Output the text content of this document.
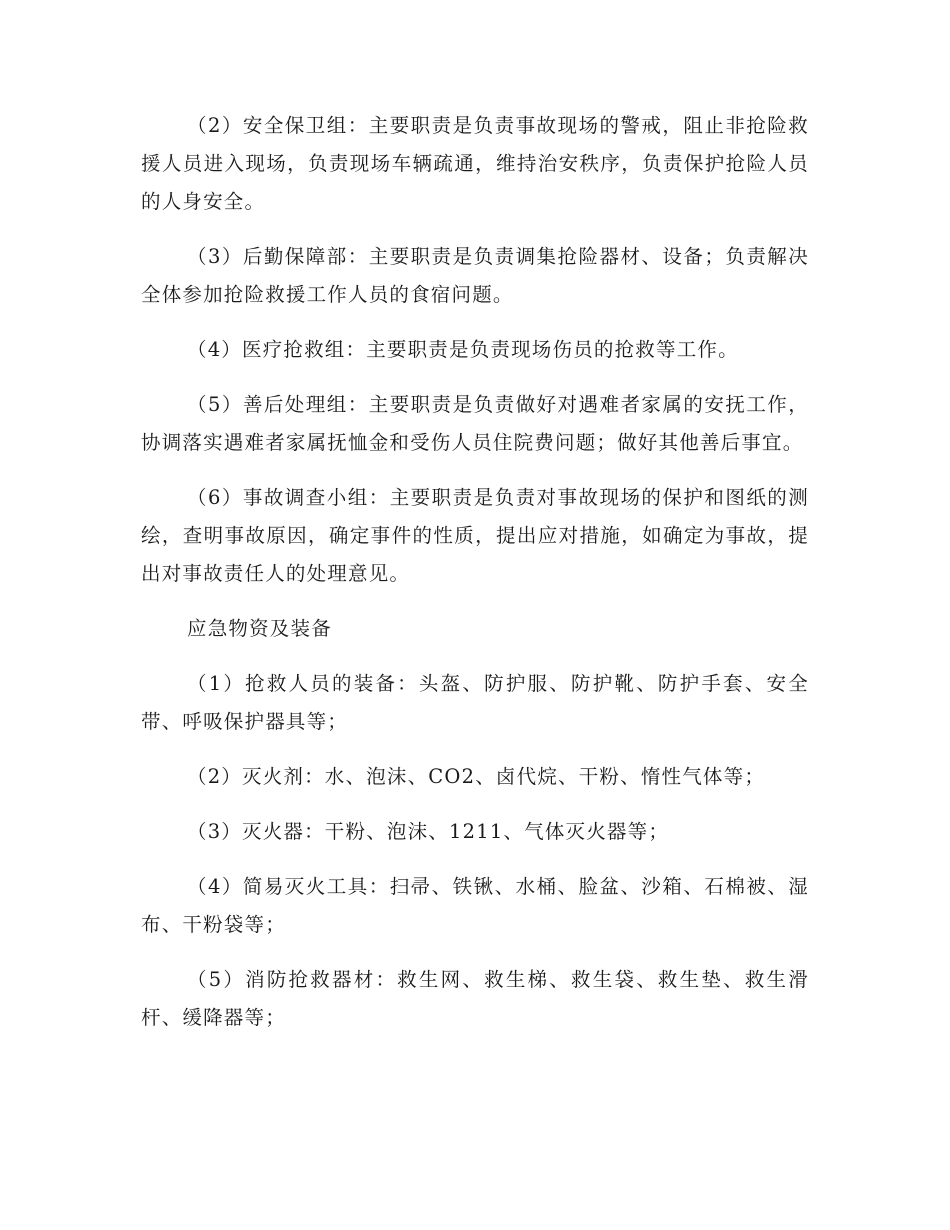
（2）安全保卫组：主要职责是负责事故现场的警戒，阻止非抢险救援人员进入现场，负责现场车辆疏通，维持治安秩序，负责保护抢险人员的人身安全。

（3）后勤保障部：主要职责是负责调集抢险器材、设备；负责解决全体参加抢险救援工作人员的食宿问题。

（4）医疗抢救组：主要职责是负责现场伤员的抢救等工作。

（5）善后处理组：主要职责是负责做好对遇难者家属的安抚工作，协调落实遇难者家属抚恤金和受伤人员住院费问题；做好其他善后事宜。

（6）事故调查小组：主要职责是负责对事故现场的保护和图纸的测绘，查明事故原因，确定事件的性质，提出应对措施，如确定为事故，提出对事故责任人的处理意见。

应急物资及装备

（1）抢救人员的装备：头盔、防护服、防护靴、防护手套、安全带、呼吸保护器具等；

（2）灭火剂：水、泡沫、CO2、卤代烷、干粉、惰性气体等；

（3）灭火器：干粉、泡沫、1211、气体灭火器等；

（4）简易灭火工具：扫帚、铁锹、水桶、脸盆、沙箱、石棉被、湿布、干粉袋等；

（5）消防抢救器材：救生网、救生梯、救生袋、救生垫、救生滑杆、缓降器等；
